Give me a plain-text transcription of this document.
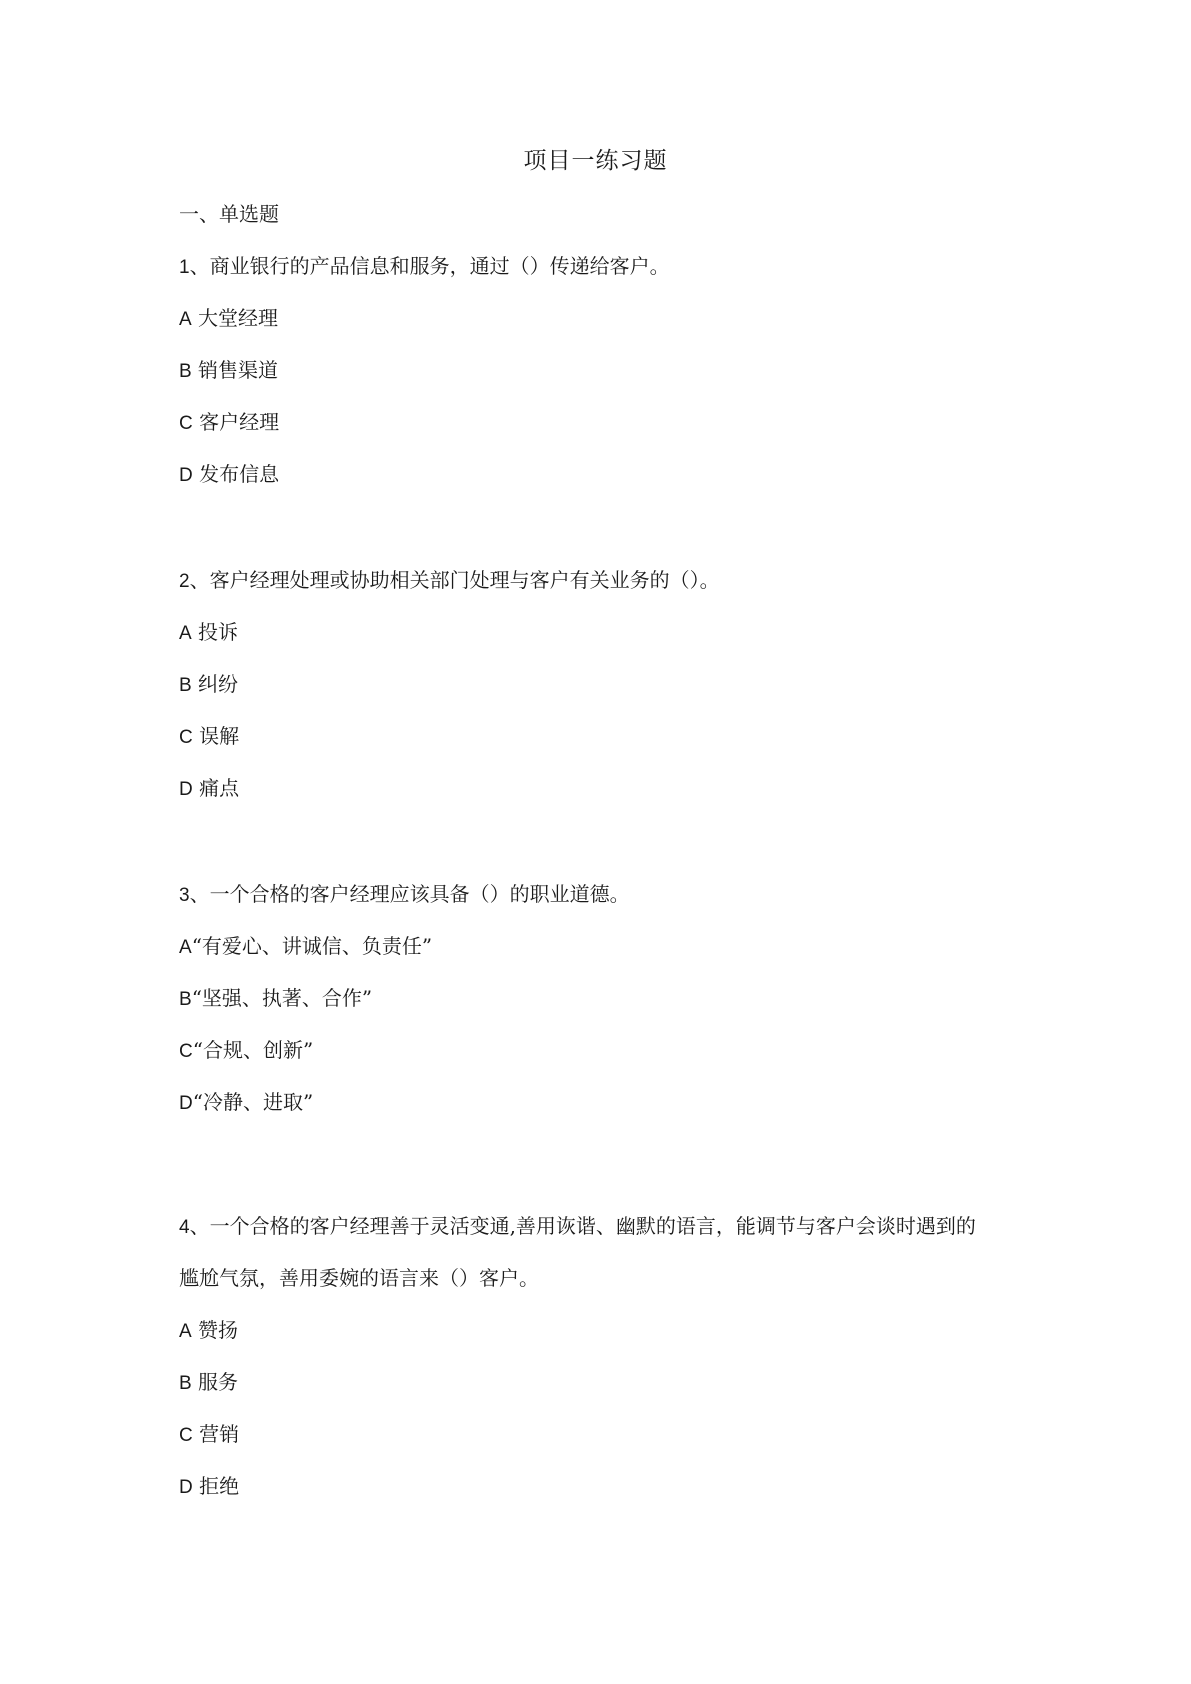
项目一练习题
一、单选题
1、商业银行的产品信息和服务，通过（）传递给客户。
A 大堂经理
B 销售渠道
C 客户经理
D 发布信息
2、客户经理处理或协助相关部门处理与客户有关业务的（）。
A 投诉
B 纠纷
C 误解
D 痛点
3、一个合格的客户经理应该具备（）的职业道德。
A“有爱心、讲诚信、负责任”
B“坚强、执著、合作”
C“合规、创新”
D“冷静、进取”
4、一个合格的客户经理善于灵活变通,善用诙谐、幽默的语言，能调节与客户会谈时遇到的
尴尬气氛，善用委婉的语言来（）客户。
A 赞扬
B 服务
C 营销
D 拒绝
